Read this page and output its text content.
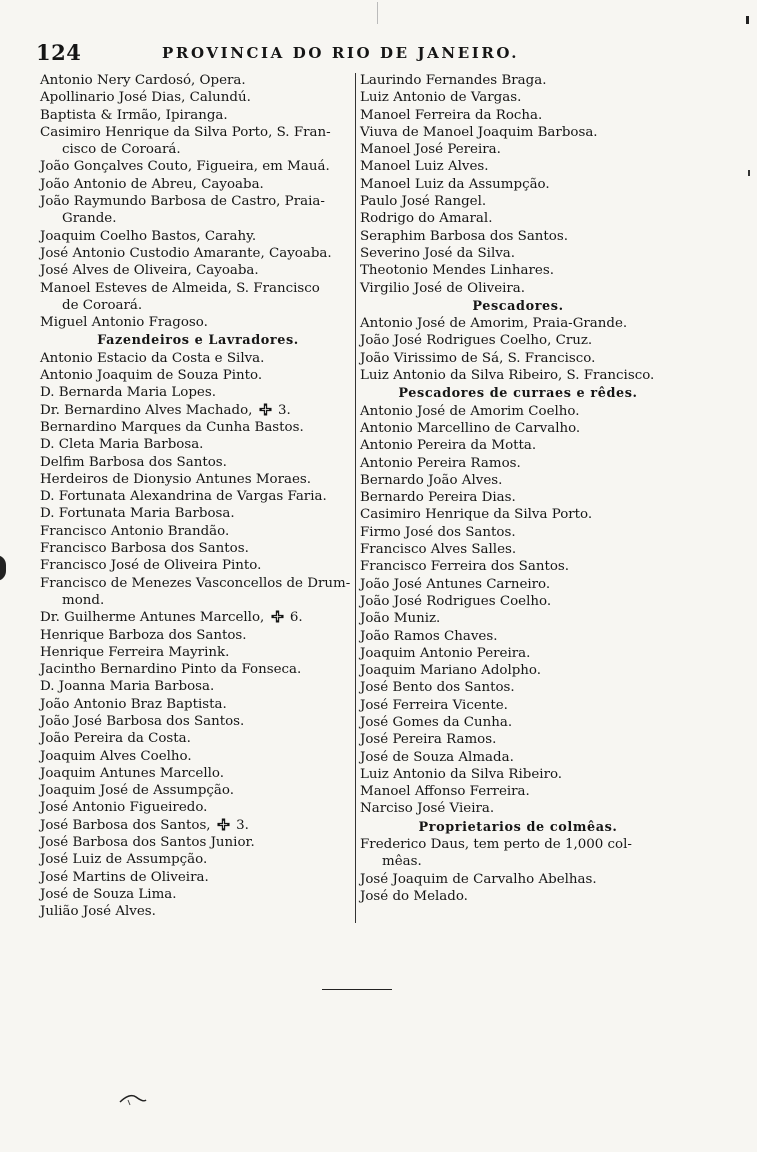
124	PROVINCIA DO RIO DE JANEIRO.
Antonio Nery Cardosó, Opera.
Apollinario José Dias, Calundú.
Baptista & Irmão, Ipiranga.
Casimiro Henrique da Silva Porto, S. Fran-
cisco de Coroará.
João Gonçalves Couto, Figueira, em Mauá.
João Antonio de Abreu, Cayoaba.
João Raymundo Barbosa de Castro, Praia-
Grande.
Joaquim Coelho Bastos, Carahy.
José Antonio Custodio Amarante, Cayoaba.
José Alves de Oliveira, Cayoaba.
Manoel Esteves de Almeida, S. Francisco
de Coroará.
Miguel Antonio Fragoso.
Fazendeiros e Lavradores.
Antonio Estacio da Costa e Silva.
Antonio Joaquim de Souza Pinto.
D. Bernarda Maria Lopes.
Dr. Bernardino Alves Machado, 3.
Bernardino Marques da Cunha Bastos.
D. Cleta Maria Barbosa.
Delfim Barbosa dos Santos.
Herdeiros de Dionysio Antunes Moraes.
D. Fortunata Alexandrina de Vargas Faria.
D. Fortunata Maria Barbosa.
Francisco Antonio Brandão.
Francisco Barbosa dos Santos.
Francisco José de Oliveira Pinto.
Francisco de Menezes Vasconcellos de Drum-
mond.
Dr. Guilherme Antunes Marcello, 6.
Henrique Barboza dos Santos.
Henrique Ferreira Mayrink.
Jacintho Bernardino Pinto da Fonseca.
D. Joanna Maria Barbosa.
João Antonio Braz Baptista.
João José Barbosa dos Santos.
João Pereira da Costa.
Joaquim Alves Coelho.
Joaquim Antunes Marcello.
Joaquim José de Assumpção.
José Antonio Figueiredo.
José Barbosa dos Santos, 3.
José Barbosa dos Santos Junior.
José Luiz de Assumpção.
José Martins de Oliveira.
José de Souza Lima.
Julião José Alves.
Laurindo Fernandes Braga.
Luiz Antonio de Vargas.
Manoel Ferreira da Rocha.
Viuva de Manoel Joaquim Barbosa.
Manoel José Pereira.
Manoel Luiz Alves.
Manoel Luiz da Assumpção.
Paulo José Rangel.
Rodrigo do Amaral.
Seraphim Barbosa dos Santos.
Severino José da Silva.
Theotonio Mendes Linhares.
Virgilio José de Oliveira.
Pescadores.
Antonio José de Amorim, Praia-Grande.
João José Rodrigues Coelho, Cruz.
João Virissimo de Sá, S. Francisco.
Luiz Antonio da Silva Ribeiro, S. Francisco.
Pescadores de curraes e rêdes.
Antonio José de Amorim Coelho.
Antonio Marcellino de Carvalho.
Antonio Pereira da Motta.
Antonio Pereira Ramos.
Bernardo João Alves.
Bernardo Pereira Dias.
Casimiro Henrique da Silva Porto.
Firmo José dos Santos.
Francisco Alves Salles.
Francisco Ferreira dos Santos.
João José Antunes Carneiro.
João José Rodrigues Coelho.
João Muniz.
João Ramos Chaves.
Joaquim Antonio Pereira.
Joaquim Mariano Adolpho.
José Bento dos Santos.
José Ferreira Vicente.
José Gomes da Cunha.
José Pereira Ramos.
José de Souza Almada.
Luiz Antonio da Silva Ribeiro.
Manoel Affonso Ferreira.
Narciso José Vieira.
Proprietarios de colmêas.
Frederico Daus, tem perto de 1,000 col-
mêas.
José Joaquim de Carvalho Abelhas.
José do Melado.
